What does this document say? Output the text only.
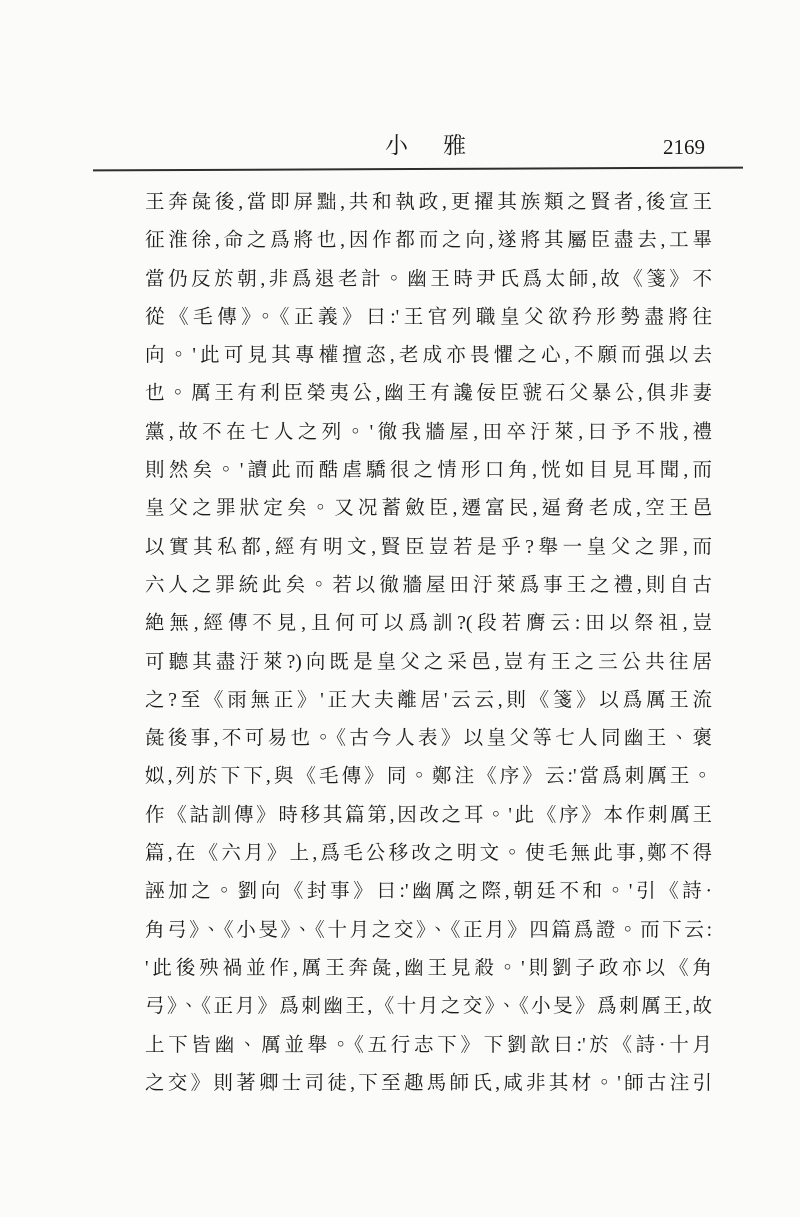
小　雅	2169
王奔彘後,當即屏黜,共和執政,更擢其族類之賢者,後宣王
征淮徐,命之爲將也,因作都而之向,遂將其屬臣盡去,工畢
當仍反於朝,非爲退老計。幽王時尹氏爲太師,故《箋》不
從《毛傳》。《正義》曰:'王官列職皇父欲矜形勢盡將往
向。'此可見其專權擅恣,老成亦畏懼之心,不願而强以去
也。厲王有利臣榮夷公,幽王有讒佞臣虢石父暴公,俱非妻
黨,故不在七人之列。'徹我牆屋,田卒汙萊,曰予不戕,禮
則然矣。'讀此而酷虐驕很之情形口角,恍如目見耳聞,而
皇父之罪狀定矣。又况蓄斂臣,遷富民,逼脅老成,空王邑
以實其私都,經有明文,賢臣豈若是乎?舉一皇父之罪,而
六人之罪統此矣。若以徹牆屋田汙萊爲事王之禮,則自古
絶無,經傳不見,且何可以爲訓?(段若膺云:田以祭祖,豈
可聽其盡汙萊?)向既是皇父之采邑,豈有王之三公共往居
之?至《雨無正》'正大夫離居'云云,則《箋》以爲厲王流
彘後事,不可易也。《古今人表》以皇父等七人同幽王、褒
姒,列於下下,與《毛傳》同。鄭注《序》云:'當爲刺厲王。
作《詁訓傳》時移其篇第,因改之耳。'此《序》本作刺厲王
篇,在《六月》上,爲毛公移改之明文。使毛無此事,鄭不得
誣加之。劉向《封事》曰:'幽厲之際,朝廷不和。'引《詩·
角弓》、《小旻》、《十月之交》、《正月》四篇爲證。而下云:
'此後殃禍並作,厲王奔彘,幽王見殺。'則劉子政亦以《角
弓》、《正月》爲刺幽王,《十月之交》、《小旻》爲刺厲王,故
上下皆幽、厲並舉。《五行志下》下劉歆曰:'於《詩·十月
之交》則著卿士司徒,下至趣馬師氏,咸非其材。'師古注引
